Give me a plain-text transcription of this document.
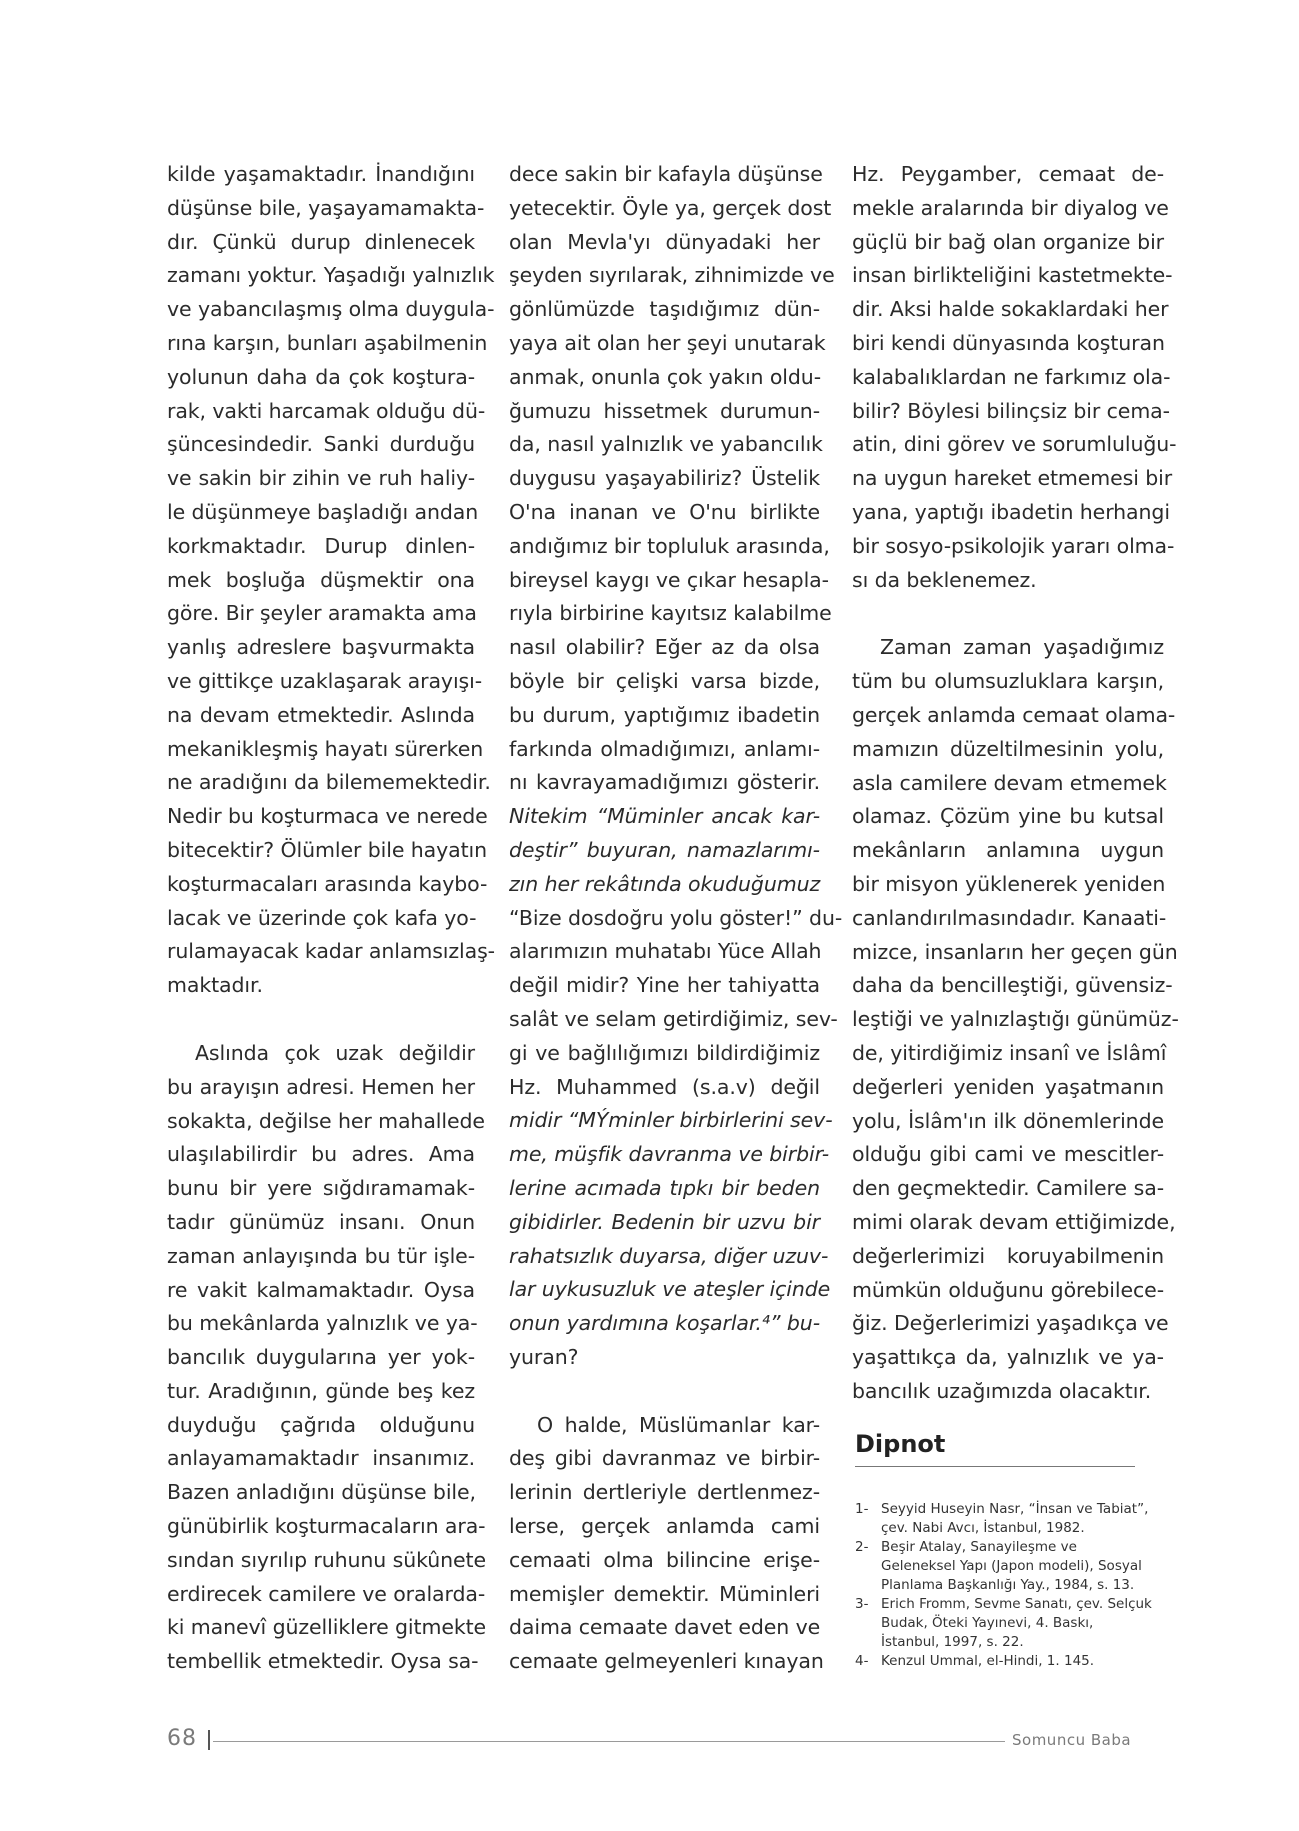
kilde yaşamaktadır. İnandığını
düşünse bile, yaşayamamakta-
dır. Çünkü durup dinlenecek
zamanı yoktur. Yaşadığı yalnızlık
ve yabancılaşmış olma duygula-
rına karşın, bunları aşabilmenin
yolunun daha da çok koştura-
rak, vakti harcamak olduğu dü-
şüncesindedir. Sanki durduğu
ve sakin bir zihin ve ruh haliy-
le düşünmeye başladığı andan
korkmaktadır. Durup dinlen-
mek boşluğa düşmektir ona
göre. Bir şeyler aramakta ama
yanlış adreslere başvurmakta
ve gittikçe uzaklaşarak arayışı-
na devam etmektedir. Aslında
mekanikleşmiş hayatı sürerken
ne aradığını da bilememektedir.
Nedir bu koşturmaca ve nerede
bitecektir? Ölümler bile hayatın
koşturmacaları arasında kaybo-
lacak ve üzerinde çok kafa yo-
rulamayacak kadar anlamsızlaş-
maktadır.
Aslında çok uzak değildir
bu arayışın adresi. Hemen her
sokakta, değilse her mahallede
ulaşılabilirdir bu adres. Ama
bunu bir yere sığdıramamak-
tadır günümüz insanı. Onun
zaman anlayışında bu tür işle-
re vakit kalmamaktadır. Oysa
bu mekânlarda yalnızlık ve ya-
bancılık duygularına yer yok-
tur. Aradığının, günde beş kez
duyduğu çağrıda olduğunu
anlayamamaktadır insanımız.
Bazen anladığını düşünse bile,
günübirlik koşturmacaların ara-
sından sıyrılıp ruhunu sükûnete
erdirecek camilere ve oralarda-
ki manevî güzelliklere gitmekte
tembellik etmektedir. Oysa sa-
dece sakin bir kafayla düşünse
yetecektir. Öyle ya, gerçek dost
olan Mevla'yı dünyadaki her
şeyden sıyrılarak, zihnimizde ve
gönlümüzde taşıdığımız dün-
yaya ait olan her şeyi unutarak
anmak, onunla çok yakın oldu-
ğumuzu hissetmek durumun-
da, nasıl yalnızlık ve yabancılık
duygusu yaşayabiliriz? Üstelik
O'na inanan ve O'nu birlikte
andığımız bir topluluk arasında,
bireysel kaygı ve çıkar hesapla-
rıyla birbirine kayıtsız kalabilme
nasıl olabilir? Eğer az da olsa
böyle bir çelişki varsa bizde,
bu durum, yaptığımız ibadetin
farkında olmadığımızı, anlamı-
nı kavrayamadığımızı gösterir.
Nitekim “Müminler ancak kar-
deştir” buyuran, namazlarımı-
zın her rekâtında okuduğumuz
“Bize dosdoğru yolu göster!” du-
alarımızın muhatabı Yüce Allah
değil midir? Yine her tahiyatta
salât ve selam getirdiğimiz, sev-
gi ve bağlılığımızı bildirdiğimiz
Hz. Muhammed (s.a.v) değil
midir “MÝminler birbirlerini sev-
me, müşfik davranma ve birbir-
lerine acımada tıpkı bir beden
gibidirler. Bedenin bir uzvu bir
rahatsızlık duyarsa, diğer uzuv-
lar uykusuzluk ve ateşler içinde
onun yardımına koşarlar.⁴” bu-
yuran?
O halde, Müslümanlar kar-
deş gibi davranmaz ve birbir-
lerinin dertleriyle dertlenmez-
lerse, gerçek anlamda cami
cemaati olma bilincine erişe-
memişler demektir. Müminleri
daima cemaate davet eden ve
cemaate gelmeyenleri kınayan
Hz. Peygamber, cemaat de-
mekle aralarında bir diyalog ve
güçlü bir bağ olan organize bir
insan birlikteliğini kastetmekte-
dir. Aksi halde sokaklardaki her
biri kendi dünyasında koşturan
kalabalıklardan ne farkımız ola-
bilir? Böylesi bilinçsiz bir cema-
atin, dini görev ve sorumluluğu-
na uygun hareket etmemesi bir
yana, yaptığı ibadetin herhangi
bir sosyo-psikolojik yararı olma-
sı da beklenemez.
Zaman zaman yaşadığımız
tüm bu olumsuzluklara karşın,
gerçek anlamda cemaat olama-
mamızın düzeltilmesinin yolu,
asla camilere devam etmemek
olamaz. Çözüm yine bu kutsal
mekânların anlamına uygun
bir misyon yüklenerek yeniden
canlandırılmasındadır. Kanaati-
mizce, insanların her geçen gün
daha da bencilleştiği, güvensiz-
leştiği ve yalnızlaştığı günümüz-
de, yitirdiğimiz insanî ve İslâmî
değerleri yeniden yaşatmanın
yolu, İslâm'ın ilk dönemlerinde
olduğu gibi cami ve mescitler-
den geçmektedir. Camilere sa-
mimi olarak devam ettiğimizde,
değerlerimizi koruyabilmenin
mümkün olduğunu görebilece-
ğiz. Değerlerimizi yaşadıkça ve
yaşattıkça da, yalnızlık ve ya-
bancılık uzağımızda olacaktır.
Dipnot
1- Seyyid Huseyin Nasr, “İnsan ve Tabiat”, çev. Nabi Avcı, İstanbul, 1982.
2- Beşir Atalay, Sanayileşme ve Geleneksel Yapı (Japon modeli), Sosyal Planlama Başkanlığı Yay., 1984, s. 13.
3- Erich Fromm, Sevme Sanatı, çev. Selçuk Budak, Öteki Yayınevi, 4. Baskı, İstanbul, 1997, s. 22.
4- Kenzul Ummal, el-Hindi, 1. 145.
68	Somuncu Baba
